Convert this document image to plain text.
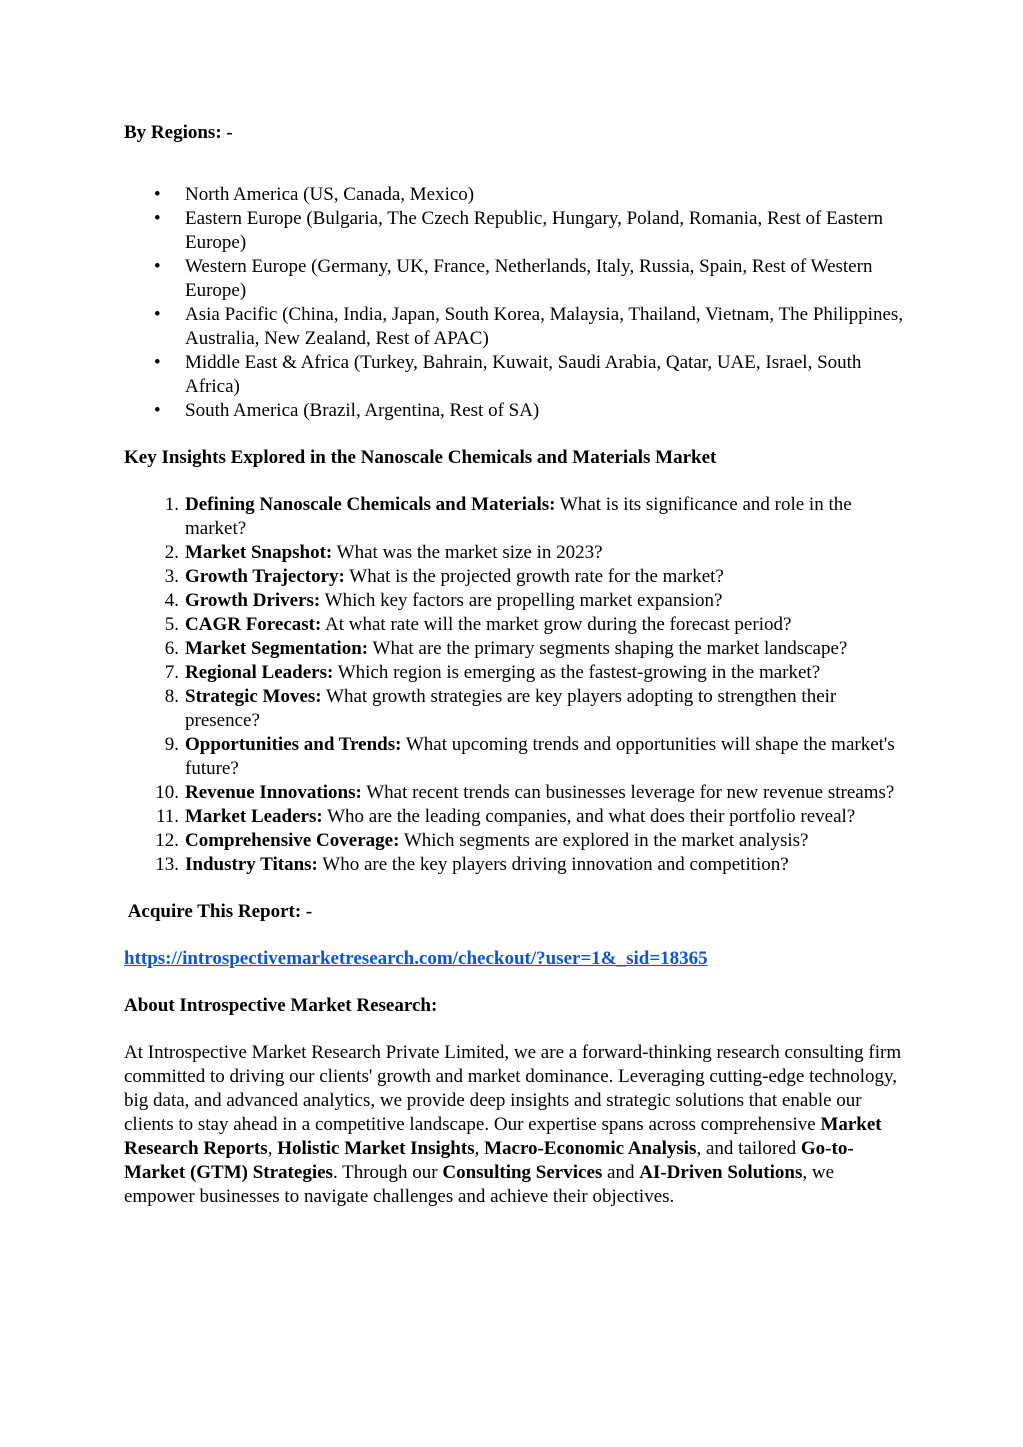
By Regions: -

• North America (US, Canada, Mexico)
• Eastern Europe (Bulgaria, The Czech Republic, Hungary, Poland, Romania, Rest of Eastern Europe)
• Western Europe (Germany, UK, France, Netherlands, Italy, Russia, Spain, Rest of Western Europe)
• Asia Pacific (China, India, Japan, South Korea, Malaysia, Thailand, Vietnam, The Philippines, Australia, New Zealand, Rest of APAC)
• Middle East & Africa (Turkey, Bahrain, Kuwait, Saudi Arabia, Qatar, UAE, Israel, South Africa)
• South America (Brazil, Argentina, Rest of SA)

Key Insights Explored in the Nanoscale Chemicals and Materials Market

1. Defining Nanoscale Chemicals and Materials: What is its significance and role in the market?
2. Market Snapshot: What was the market size in 2023?
3. Growth Trajectory: What is the projected growth rate for the market?
4. Growth Drivers: Which key factors are propelling market expansion?
5. CAGR Forecast: At what rate will the market grow during the forecast period?
6. Market Segmentation: What are the primary segments shaping the market landscape?
7. Regional Leaders: Which region is emerging as the fastest-growing in the market?
8. Strategic Moves: What growth strategies are key players adopting to strengthen their presence?
9. Opportunities and Trends: What upcoming trends and opportunities will shape the market's future?
10. Revenue Innovations: What recent trends can businesses leverage for new revenue streams?
11. Market Leaders: Who are the leading companies, and what does their portfolio reveal?
12. Comprehensive Coverage: Which segments are explored in the market analysis?
13. Industry Titans: Who are the key players driving innovation and competition?

Acquire This Report: -

https://introspectivemarketresearch.com/checkout/?user=1&_sid=18365

About Introspective Market Research:

At Introspective Market Research Private Limited, we are a forward-thinking research consulting firm committed to driving our clients' growth and market dominance. Leveraging cutting-edge technology, big data, and advanced analytics, we provide deep insights and strategic solutions that enable our clients to stay ahead in a competitive landscape. Our expertise spans across comprehensive Market Research Reports, Holistic Market Insights, Macro-Economic Analysis, and tailored Go-to-Market (GTM) Strategies. Through our Consulting Services and AI-Driven Solutions, we empower businesses to navigate challenges and achieve their objectives.
